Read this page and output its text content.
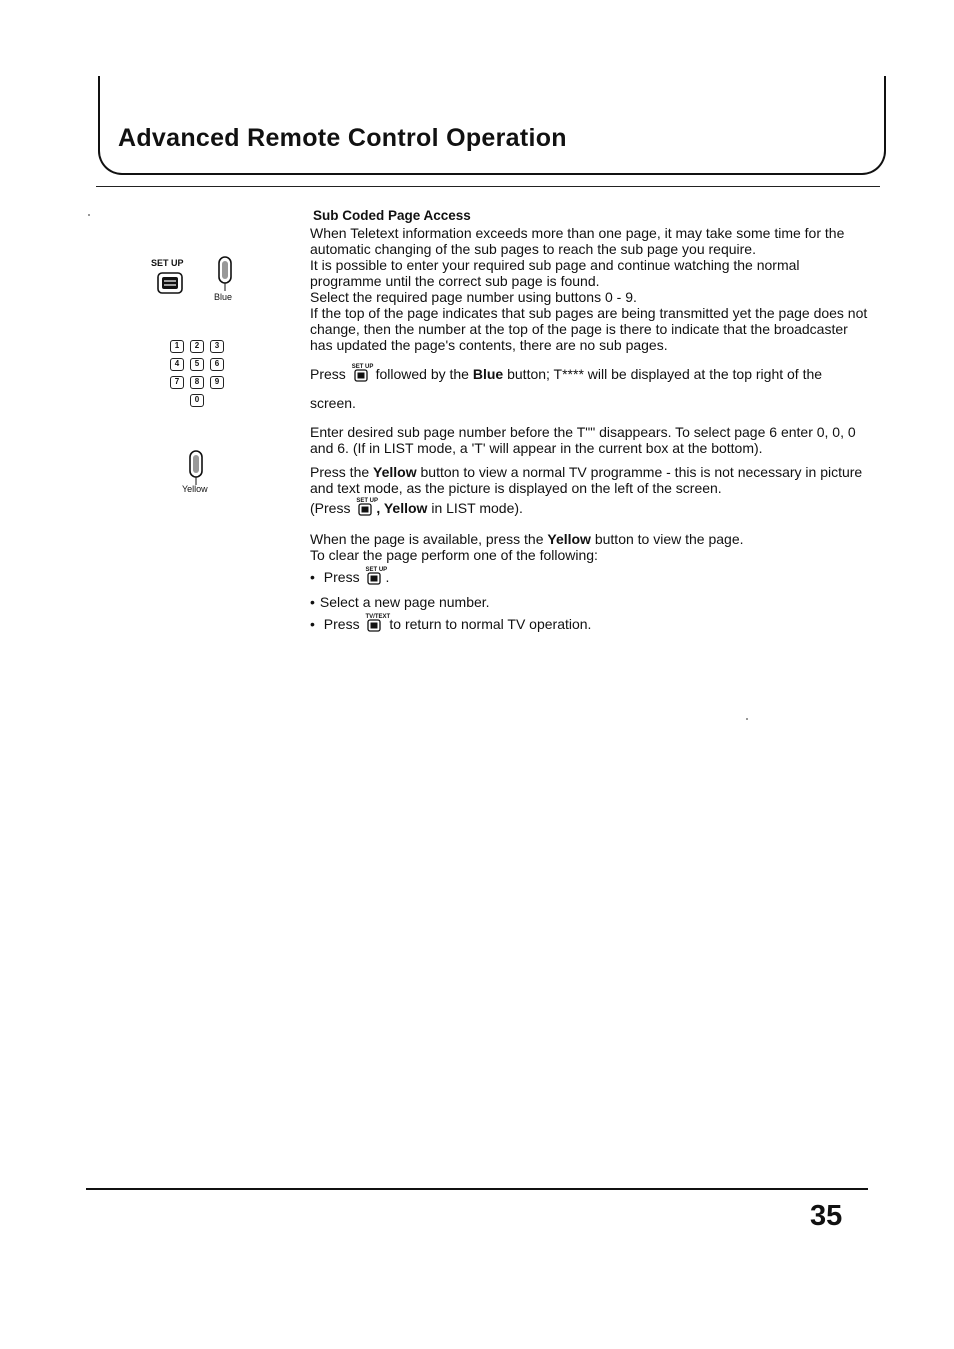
Advanced Remote Control Operation
SET UP
Blue
1	2	3
4	5	6
7	8	9
0
Yellow

Sub Coded Page Access

When Teletext information exceeds more than one page, it may take some time for the automatic changing of the sub pages to reach the sub page you require.

It is possible to enter your required sub page and continue watching the normal programme until the correct sub page is found.

Select the required page number using buttons 0 - 9.

If the top of the page indicates that sub pages are being transmitted yet the page does not change, then the number at the top of the page is there to indicate that the broadcaster has updated the page's contents, there are no sub pages.

Press SET UP followed by the Blue button; T**** will be displayed at the top right of the screen.

Enter desired sub page number before the T"" disappears. To select page 6 enter 0, 0, 0 and 6. (If in LIST mode, a 'T' will appear in the current box at the bottom).

Press the Yellow button to view a normal TV programme - this is not necessary in picture and text mode, as the picture is displayed on the left of the screen.

(Press SET UP
, Yellow in LIST mode).

When the page is available, press the Yellow button to view the page.

To clear the page perform one of the following:

• Press SET UP
.
• Select a new page number.
• Press TV/TEXT to return to normal TV operation.
35
